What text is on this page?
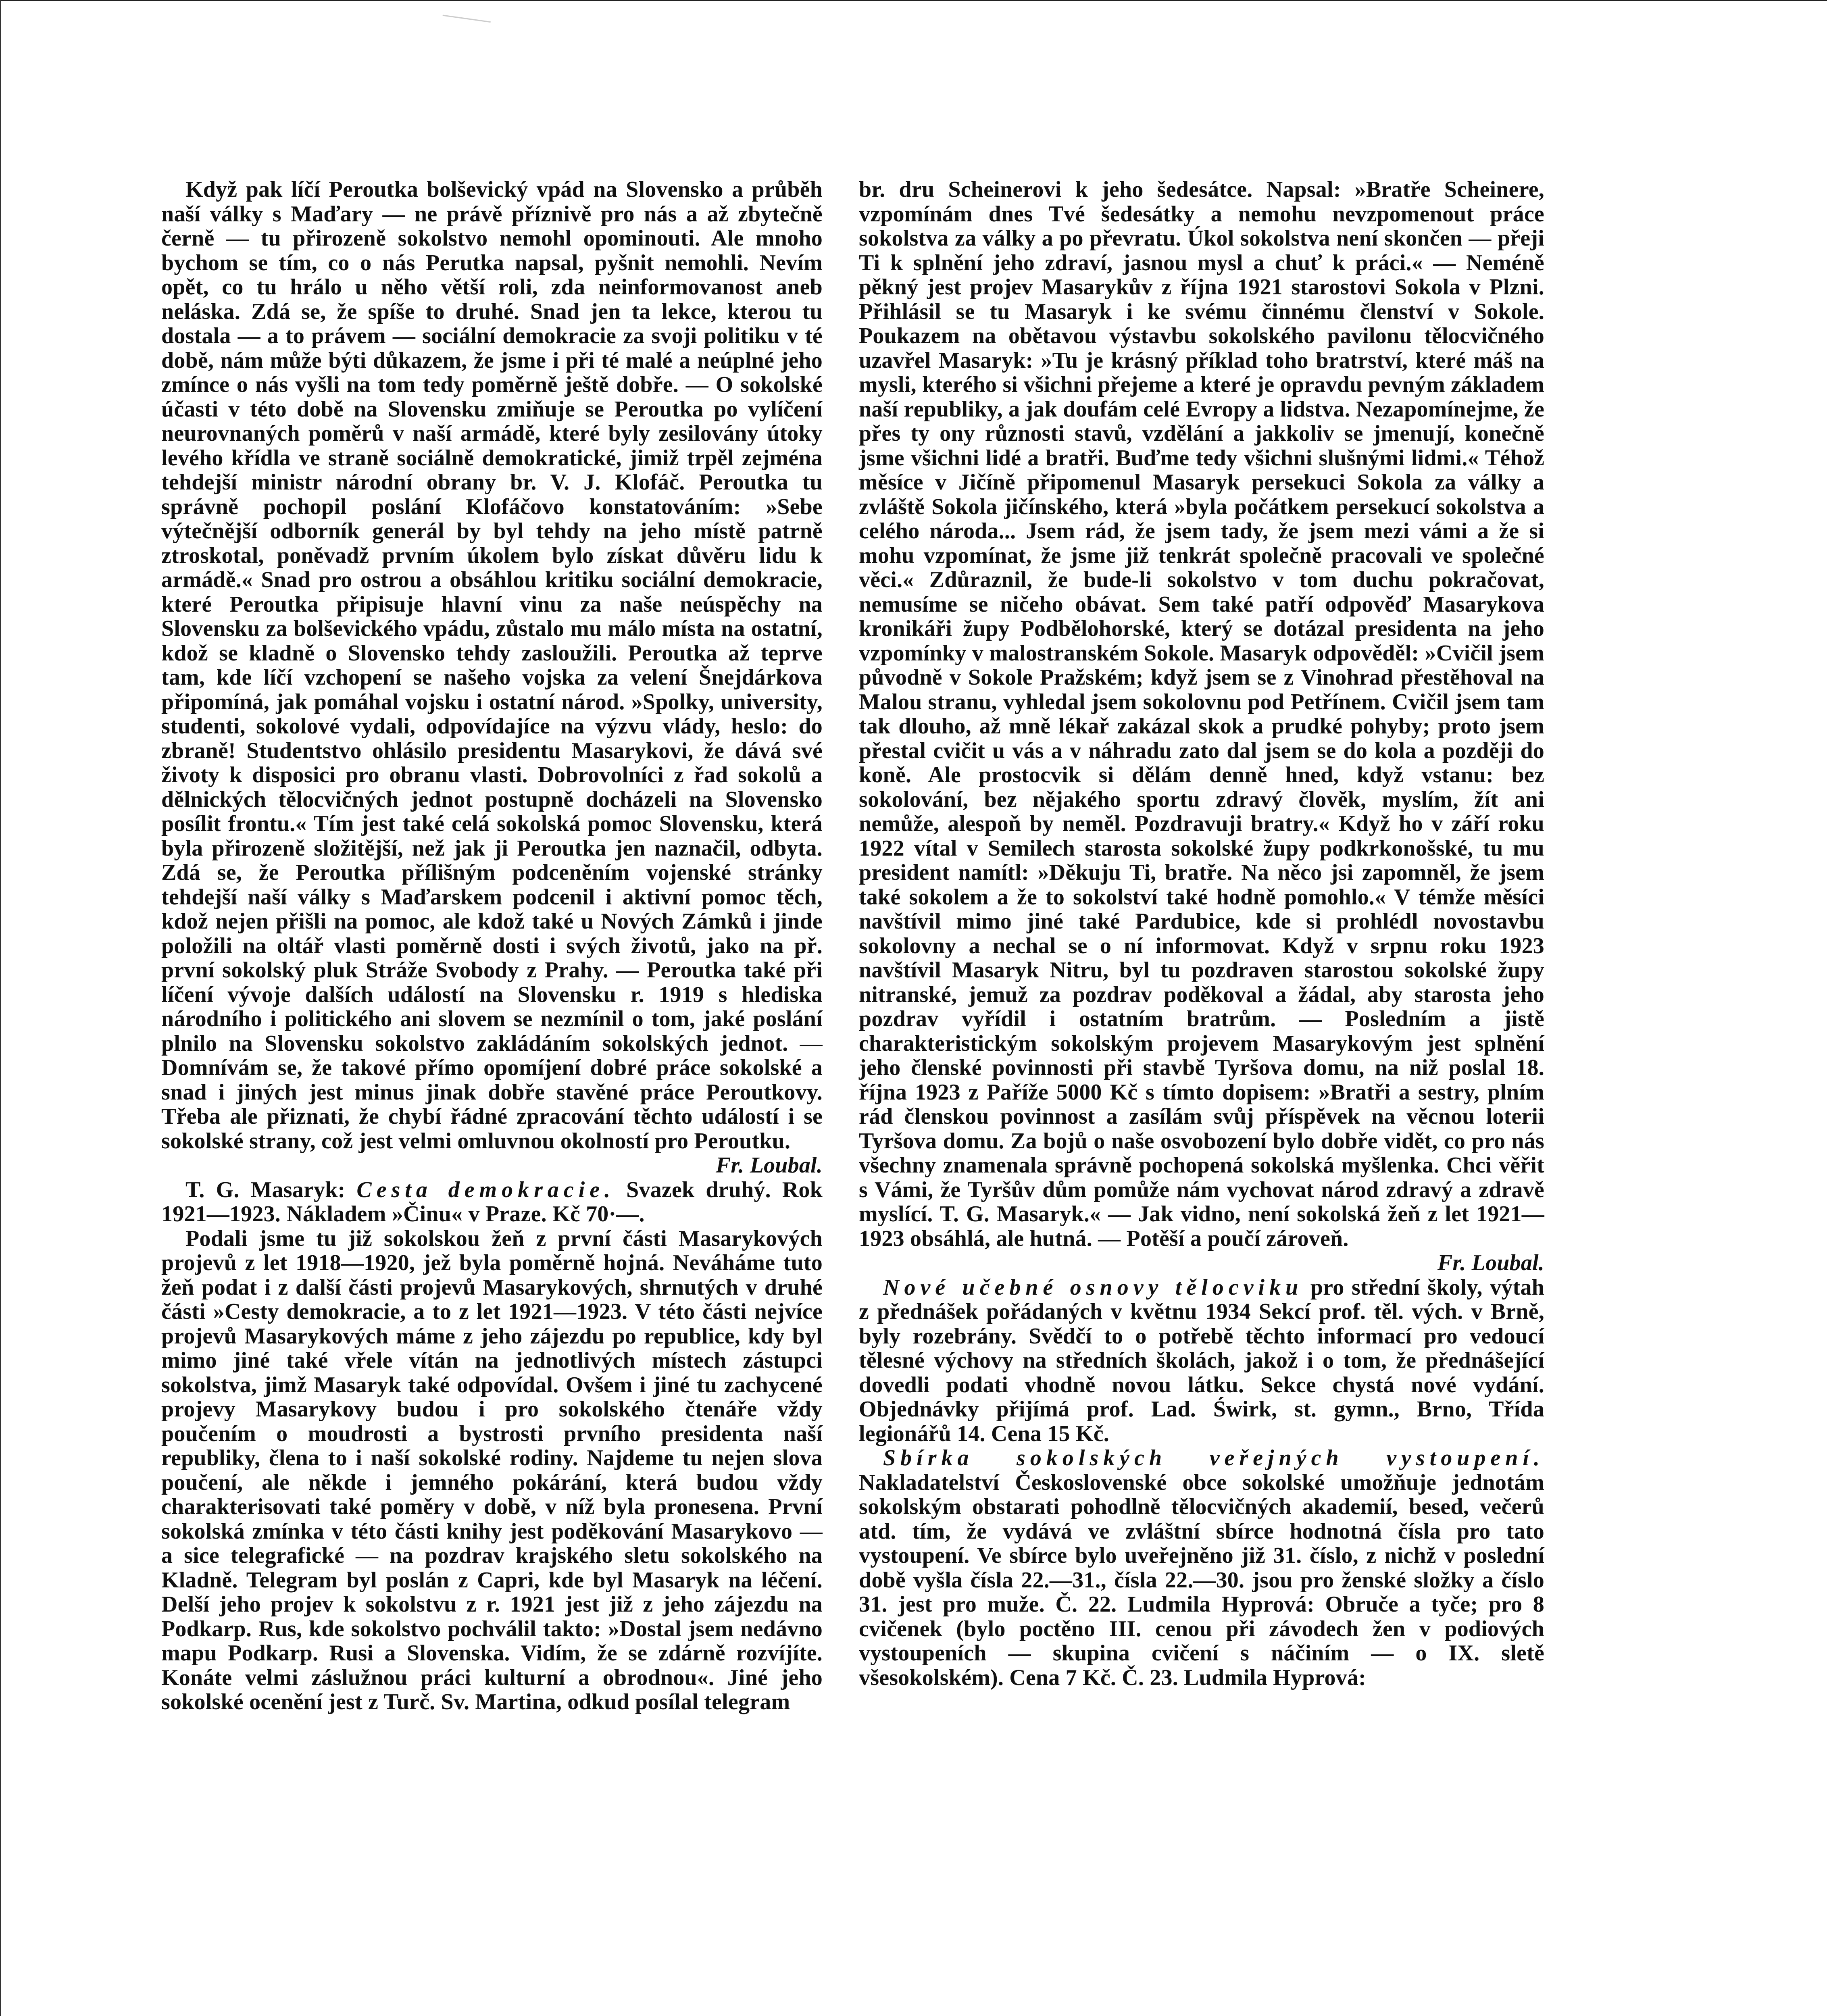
Když pak líčí Peroutka bolševický vpád na Slovensko a průběh naší války s Maďary — ne právě příznivě pro nás a až zbytečně černě — tu přirozeně sokolstvo nemohl opominouti. Ale mnoho bychom se tím, co o nás Perutka napsal, pyšnit nemohli. Nevím opět, co tu hrálo u něho větší roli, zda neinformovanost aneb neláska. Zdá se, že spíše to druhé. Snad jen ta lekce, kterou tu dostala — a to právem — sociální demokracie za svoji politiku v té době, nám může býti důkazem, že jsme i při té malé a neúplné jeho zmínce o nás vyšli na tom tedy poměrně ještě dobře. — O sokolské účasti v této době na Slovensku zmiňuje se Peroutka po vylíčení neurovnaných poměrů v naší armádě, které byly zesilovány útoky levého křídla ve straně sociálně demokratické, jimiž trpěl zejména tehdejší ministr národní obrany br. V. J. Klofáč. Peroutka tu správně pochopil poslání Klofáčovo konstatováním: »Sebe výtečnější odborník generál by byl tehdy na jeho místě patrně ztroskotal, poněvadž prvním úkolem bylo získat důvěru lidu k armádě.« Snad pro ostrou a obsáhlou kritiku sociální demokracie, které Peroutka připisuje hlavní vinu za naše neúspěchy na Slovensku za bolševického vpádu, zůstalo mu málo místa na ostatní, kdož se kladně o Slovensko tehdy zasloužili. Peroutka až teprve tam, kde líčí vzchopení se našeho vojska za velení Šnejdárkova připomíná, jak pomáhal vojsku i ostatní národ. »Spolky, university, studenti, sokolové vydali, odpovídajíce na výzvu vlády, heslo: do zbraně! Studentstvo ohlásilo presidentu Masarykovi, že dává své životy k disposici pro obranu vlasti. Dobrovolníci z řad sokolů a dělnických tělocvičných jednot postupně docházeli na Slovensko posílit frontu.« Tím jest také celá sokolská pomoc Slovensku, která byla přirozeně složitější, než jak ji Peroutka jen naznačil, odbyta. Zdá se, že Peroutka přílišným podceněním vojenské stránky tehdejší naší války s Maďarskem podcenil i aktivní pomoc těch, kdož nejen přišli na pomoc, ale kdož také u Nových Zámků i jinde položili na oltář vlasti poměrně dosti i svých životů, jako na př. první sokolský pluk Stráže Svobody z Prahy. — Peroutka také při líčení vývoje dalších událostí na Slovensku r. 1919 s hlediska národního i politického ani slovem se nezmínil o tom, jaké poslání plnilo na Slovensku sokolstvo zakládáním sokolských jednot. — Domnívám se, že takové přímo opomíjení dobré práce sokolské a snad i jiných jest minus jinak dobře stavěné práce Peroutkovy. Třeba ale přiznati, že chybí řádné zpracování těchto událostí i se sokolské strany, což jest velmi omluvnou okolností pro Peroutku.

Fr. Loubal.

T. G. Masaryk: Cesta demokracie. Svazek druhý. Rok 1921—1923. Nákladem »Činu« v Praze. Kč 70·—.

Podali jsme tu již sokolskou žeň z první části Masarykových projevů z let 1918—1920, jež byla poměrně hojná. Neváháme tuto žeň podat i z další části projevů Masarykových, shrnutých v druhé části »Cesty demokracie, a to z let 1921—1923. V této části nejvíce projevů Masarykových máme z jeho zájezdu po republice, kdy byl mimo jiné také vřele vítán na jednotlivých místech zástupci sokolstva, jimž Masaryk také odpovídal. Ovšem i jiné tu zachycené projevy Masarykovy budou i pro sokolského čtenáře vždy poučením o moudrosti a bystrosti prvního presidenta naší republiky, člena to i naší sokolské rodiny. Najdeme tu nejen slova poučení, ale někde i jemného pokárání, která budou vždy charakterisovati také poměry v době, v níž byla pronesena. První sokolská zmínka v této části knihy jest poděkování Masarykovo — a sice telegrafické — na pozdrav krajského sletu sokolského na Kladně. Telegram byl poslán z Capri, kde byl Masaryk na léčení. Delší jeho projev k sokolstvu z r. 1921 jest již z jeho zájezdu na Podkarp. Rus, kde sokolstvo pochválil takto: »Dostal jsem nedávno mapu Podkarp. Rusi a Slovenska. Vidím, že se zdárně rozvíjíte. Konáte velmi záslužnou práci kulturní a obrodnou«. Jiné jeho sokolské ocenění jest z Turč. Sv. Martina, odkud posílal telegram

br. dru Scheinerovi k jeho šedesátce. Napsal: »Bratře Scheinere, vzpomínám dnes Tvé šedesátky a nemohu nevzpomenout práce sokolstva za války a po převratu. Úkol sokolstva není skončen — přeji Ti k splnění jeho zdraví, jasnou mysl a chuť k práci.« — Neméně pěkný jest projev Masarykův z října 1921 starostovi Sokola v Plzni. Přihlásil se tu Masaryk i ke svému činnému členství v Sokole. Poukazem na obětavou výstavbu sokolského pavilonu tělocvičného uzavřel Masaryk: »Tu je krásný příklad toho bratrství, které máš na mysli, kterého si všichni přejeme a které je opravdu pevným základem naší republiky, a jak doufám celé Evropy a lidstva. Nezapomínejme, že přes ty ony různosti stavů, vzdělání a jakkoliv se jmenují, konečně jsme všichni lidé a bratři. Buďme tedy všichni slušnými lidmi.« Téhož měsíce v Jičíně připomenul Masaryk persekuci Sokola za války a zvláště Sokola jičínského, která »byla počátkem persekucí sokolstva a celého národa... Jsem rád, že jsem tady, že jsem mezi vámi a že si mohu vzpomínat, že jsme již tenkrát společně pracovali ve společné věci.« Zdůraznil, že bude-li sokolstvo v tom duchu pokračovat, nemusíme se ničeho obávat. Sem také patří odpověď Masarykova kronikáři župy Podbělohorské, který se dotázal presidenta na jeho vzpomínky v malostranském Sokole. Masaryk odpověděl: »Cvičil jsem původně v Sokole Pražském; když jsem se z Vinohrad přestěhoval na Malou stranu, vyhledal jsem sokolovnu pod Petřínem. Cvičil jsem tam tak dlouho, až mně lékař zakázal skok a prudké pohyby; proto jsem přestal cvičit u vás a v náhradu zato dal jsem se do kola a později do koně. Ale prostocvik si dělám denně hned, když vstanu: bez sokolování, bez nějakého sportu zdravý člověk, myslím, žít ani nemůže, alespoň by neměl. Pozdravuji bratry.« Když ho v září roku 1922 vítal v Semilech starosta sokolské župy podkrkonošské, tu mu president namítl: »Děkuju Ti, bratře. Na něco jsi zapomněl, že jsem také sokolem a že to sokolství také hodně pomohlo.« V témže měsíci navštívil mimo jiné také Pardubice, kde si prohlédl novostavbu sokolovny a nechal se o ní informovat. Když v srpnu roku 1923 navštívil Masaryk Nitru, byl tu pozdraven starostou sokolské župy nitranské, jemuž za pozdrav poděkoval a žádal, aby starosta jeho pozdrav vyřídil i ostatním bratrům. — Posledním a jistě charakteristickým sokolským projevem Masarykovým jest splnění jeho členské povinnosti při stavbě Tyršova domu, na niž poslal 18. října 1923 z Paříže 5000 Kč s tímto dopisem: »Bratři a sestry, plním rád členskou povinnost a zasílám svůj příspěvek na věcnou loterii Tyršova domu. Za bojů o naše osvobození bylo dobře vidět, co pro nás všechny znamenala správně pochopená sokolská myšlenka. Chci věřit s Vámi, že Tyršův dům pomůže nám vychovat národ zdravý a zdravě myslící. T. G. Masaryk.« — Jak vidno, není sokolská žeň z let 1921—1923 obsáhlá, ale hutná. — Potěší a poučí zároveň.

Fr. Loubal.

Nové učebné osnovy tělocviku pro střední školy, výtah z přednášek pořádaných v květnu 1934 Sekcí prof. těl. vých. v Brně, byly rozebrány. Svědčí to o potřebě těchto informací pro vedoucí tělesné výchovy na středních školách, jakož i o tom, že přednášející dovedli podati vhodně novou látku. Sekce chystá nové vydání. Objednávky přijímá prof. Lad. Świrk, st. gymn., Brno, Třída legionářů 14. Cena 15 Kč.

Sbírka sokolských veřejných vystoupení. Nakladatelství Československé obce sokolské umožňuje jednotám sokolským obstarati pohodlně tělocvičných akademií, besed, večerů atd. tím, že vydává ve zvláštní sbírce hodnotná čísla pro tato vystoupení. Ve sbírce bylo uveřejněno již 31. číslo, z nichž v poslední době vyšla čísla 22.—31., čísla 22.—30. jsou pro ženské složky a číslo 31. jest pro muže. Č. 22. Ludmila Hyprová: Obruče a tyče; pro 8 cvičenek (bylo poctěno III. cenou při závodech žen v podiových vystoupeních — skupina cvičení s náčiním — o IX. sletě všesokolském). Cena 7 Kč. Č. 23. Ludmila Hyprová:
